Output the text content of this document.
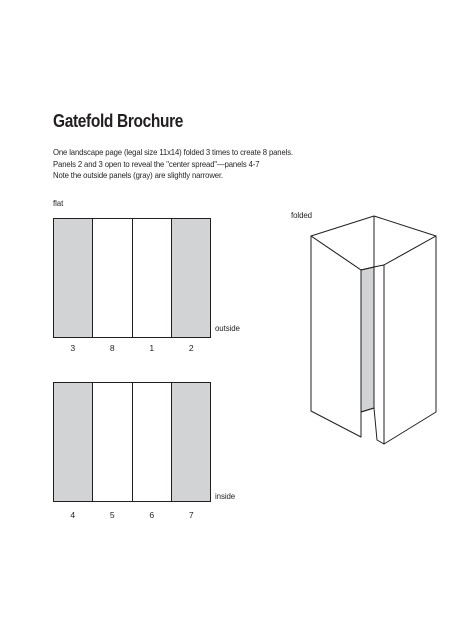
Gatefold Brochure
One landscape page (legal size 11x14) folded 3 times to create 8 panels.
Panels 2 and 3 open to reveal the "center spread"—panels 4-7
Note the outside panels (gray) are slightly narrower.
flat
folded
outside
3	8	1	2
inside
4	5	6	7
